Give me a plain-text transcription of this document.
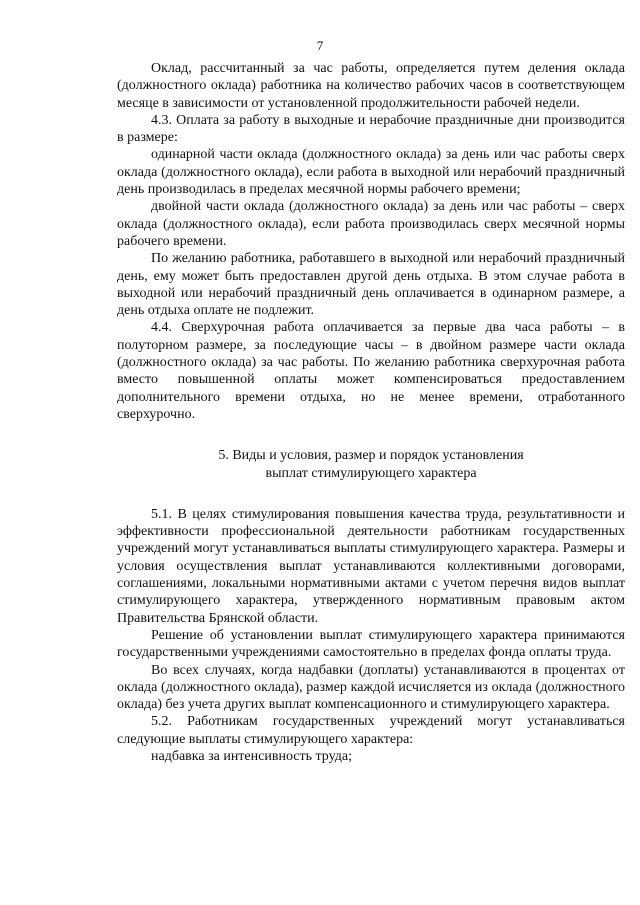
7

Оклад, рассчитанный за час работы, определяется путем деления оклада (должностного оклада) работника на количество рабочих часов в соответствующем месяце в зависимости от установленной продолжительности рабочей недели.

4.3. Оплата за работу в выходные и нерабочие праздничные дни производится в размере:

одинарной части оклада (должностного оклада) за день или час работы сверх оклада (должностного оклада), если работа в выходной или нерабочий праздничный день производилась в пределах месячной нормы рабочего времени;

двойной части оклада (должностного оклада) за день или час работы – сверх оклада (должностного оклада), если работа производилась сверх месячной нормы рабочего времени.

По желанию работника, работавшего в выходной или нерабочий праздничный день, ему может быть предоставлен другой день отдыха. В этом случае работа в выходной или нерабочий праздничный день оплачивается в одинарном размере, а день отдыха оплате не подлежит.

4.4. Сверхурочная работа оплачивается за первые два часа работы – в полуторном размере, за последующие часы – в двойном размере части оклада (должностного оклада) за час работы. По желанию работника сверхурочная работа вместо повышенной оплаты может компенсироваться предоставлением дополнительного времени отдыха, но не менее времени, отработанного сверхурочно.

5. Виды и условия, размер и порядок установления
выплат стимулирующего характера

5.1. В целях стимулирования повышения качества труда, результативности и эффективности профессиональной деятельности работникам государственных учреждений могут устанавливаться выплаты стимулирующего характера. Размеры и условия осуществления выплат устанавливаются коллективными договорами, соглашениями, локальными нормативными актами с учетом перечня видов выплат стимулирующего характера, утвержденного нормативным правовым актом Правительства Брянской области.

Решение об установлении выплат стимулирующего характера принимаются государственными учреждениями самостоятельно в пределах фонда оплаты труда.

Во всех случаях, когда надбавки (доплаты) устанавливаются в процентах от оклада (должностного оклада), размер каждой исчисляется из оклада (должностного оклада) без учета других выплат компенсационного и стимулирующего характера.

5.2. Работникам государственных учреждений могут устанавливаться следующие выплаты стимулирующего характера:

надбавка за интенсивность труда;
